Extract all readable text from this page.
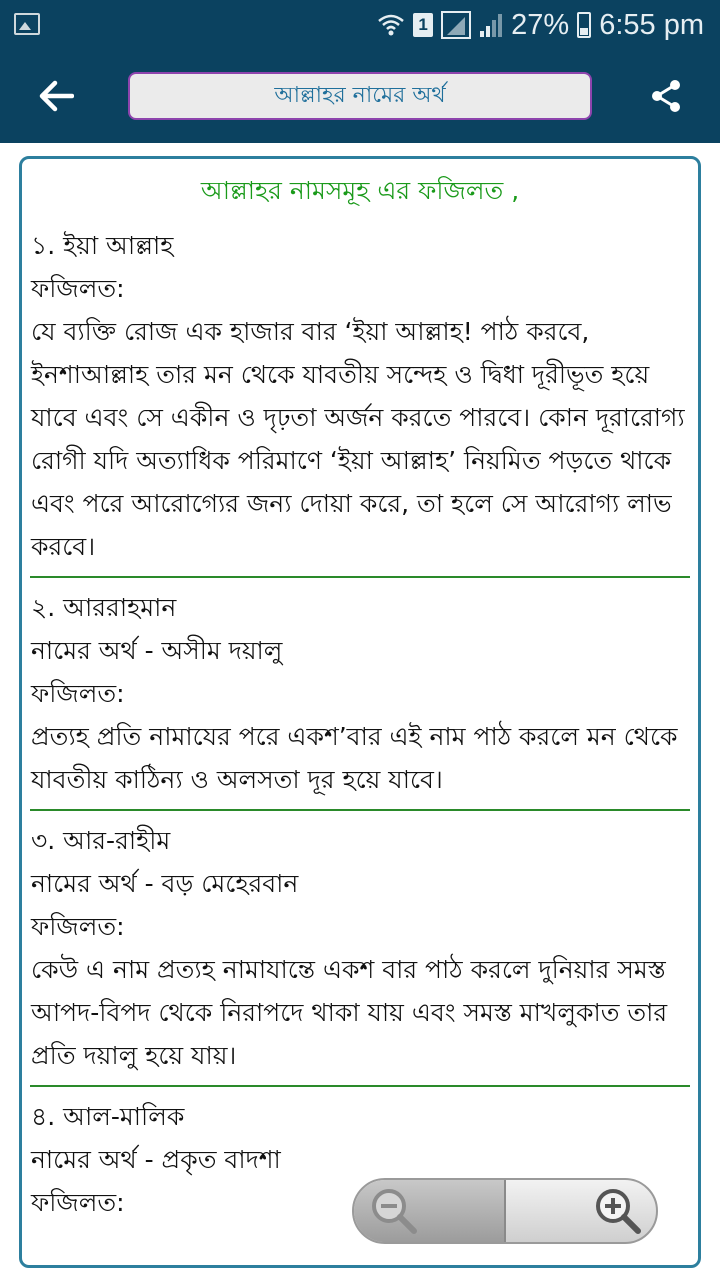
1	27% 6:55 pm
আল্লাহর নামের অর্থ
আল্লাহর নামসমূহ এর ফজিলত ,

১. ইয়া আল্লাহ

ফজিলত:

যে ব্যক্তি রোজ এক হাজার বার ‘ইয়া আল্লাহ! পাঠ করবে, ইনশাআল্লাহ তার মন থেকে যাবতীয় সন্দেহ ও দ্বিধা দূরীভূত হয়ে যাবে এবং সে একীন ও দৃঢ়তা অর্জন করতে পারবে। কোন দূরারোগ্য রোগী যদি অত্যাধিক পরিমাণে ‘ইয়া আল্লাহ’ নিয়মিত পড়তে থাকে এবং পরে আরোগ্যের জন্য দোয়া করে, তা হলে সে আরোগ্য লাভ করবে।

২. আররাহমান

নামের অর্থ - অসীম দয়ালু

ফজিলত:

প্রত্যহ প্রতি নামাযের পরে একশ’বার এই নাম পাঠ করলে মন থেকে যাবতীয় কাঠিন্য ও অলসতা দূর হয়ে যাবে।

৩. আর-রাহীম

নামের অর্থ - বড় মেহেরবান

ফজিলত:

কেউ এ নাম প্রত্যহ নামাযান্তে একশ বার পাঠ করলে দুনিয়ার সমস্ত আপদ-বিপদ থেকে নিরাপদে থাকা যায় এবং সমস্ত মাখলুকাত তার প্রতি দয়ালু হয়ে যায়।

৪. আল-মালিক

নামের অর্থ - প্রকৃত বাদশা

ফজিলত:
